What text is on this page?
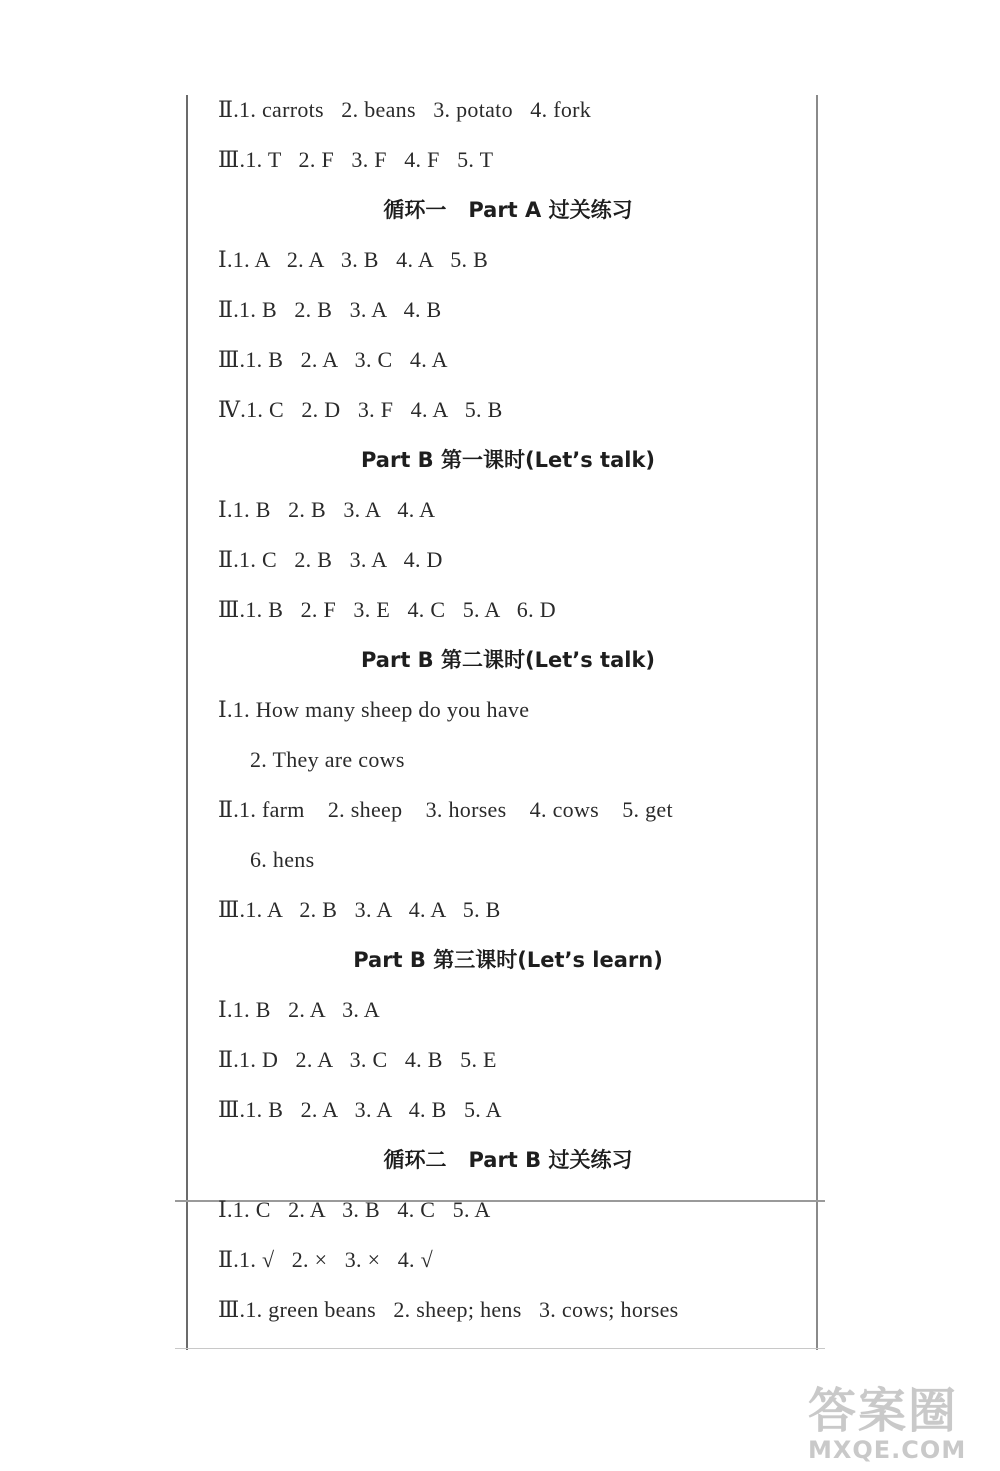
Ⅱ.1. carrots   2. beans   3. potato   4. fork
Ⅲ.1. T   2. F   3. F   4. F   5. T
循环一   Part A 过关练习
Ⅰ.1. A   2. A   3. B   4. A   5. B
Ⅱ.1. B   2. B   3. A   4. B
Ⅲ.1. B   2. A   3. C   4. A
Ⅳ.1. C   2. D   3. F   4. A   5. B
Part B 第一课时(Let’s talk)
Ⅰ.1. B   2. B   3. A   4. A
Ⅱ.1. C   2. B   3. A   4. D
Ⅲ.1. B   2. F   3. E   4. C   5. A   6. D
Part B 第二课时(Let’s talk)
Ⅰ.1. How many sheep do you have
2. They are cows
Ⅱ.1. farm    2. sheep    3. horses    4. cows    5. get
6. hens
Ⅲ.1. A   2. B   3. A   4. A   5. B
Part B 第三课时(Let’s learn)
Ⅰ.1. B   2. A   3. A
Ⅱ.1. D   2. A   3. C   4. B   5. E
Ⅲ.1. B   2. A   3. A   4. B   5. A
循环二   Part B 过关练习
Ⅰ.1. C   2. A   3. B   4. C   5. A
Ⅱ.1. √   2. ×   3. ×   4. √
Ⅲ.1. green beans   2. sheep; hens   3. cows; horses
答案圈
MXQE.COM
